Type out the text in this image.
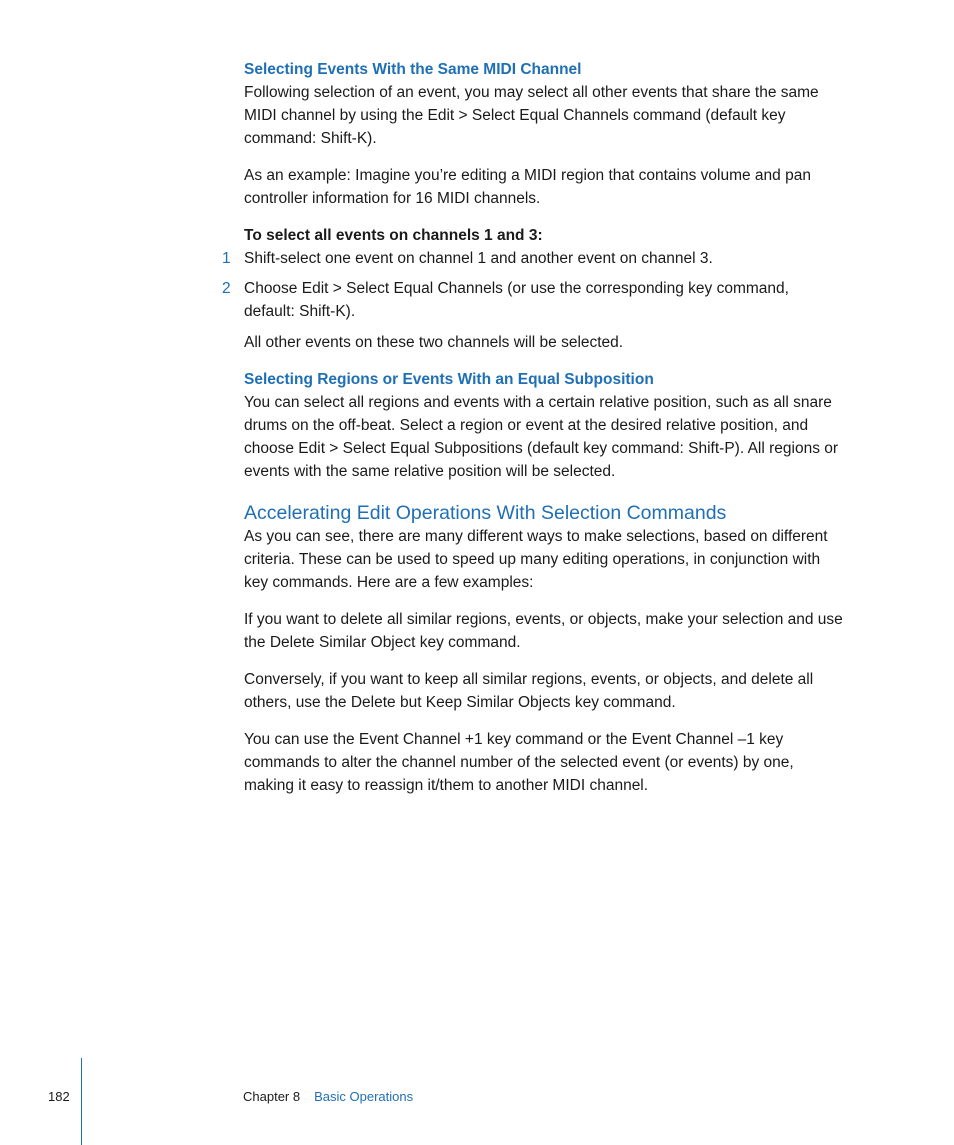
Selecting Events With the Same MIDI Channel

Following selection of an event, you may select all other events that share the same
MIDI channel by using the Edit > Select Equal Channels command (default key
command: Shift-K).

As an example: Imagine you’re editing a MIDI region that contains volume and pan
controller information for 16 MIDI channels.

To select all events on channels 1 and 3:
1 Shift-select one event on channel 1 and another event on channel 3.
2 Choose Edit > Select Equal Channels (or use the corresponding key command,
default: Shift-K).

All other events on these two channels will be selected.

Selecting Regions or Events With an Equal Subposition

You can select all regions and events with a certain relative position, such as all snare
drums on the off-beat. Select a region or event at the desired relative position, and
choose Edit > Select Equal Subpositions (default key command: Shift-P). All regions or
events with the same relative position will be selected.

Accelerating Edit Operations With Selection Commands

As you can see, there are many different ways to make selections, based on different
criteria. These can be used to speed up many editing operations, in conjunction with
key commands. Here are a few examples:

If you want to delete all similar regions, events, or objects, make your selection and use
the Delete Similar Object key command.

Conversely, if you want to keep all similar regions, events, or objects, and delete all
others, use the Delete but Keep Similar Objects key command.

You can use the Event Channel +1 key command or the Event Channel –1 key
commands to alter the channel number of the selected event (or events) by one,
making it easy to reassign it/them to another MIDI channel.

182	Chapter 8 Basic Operations
